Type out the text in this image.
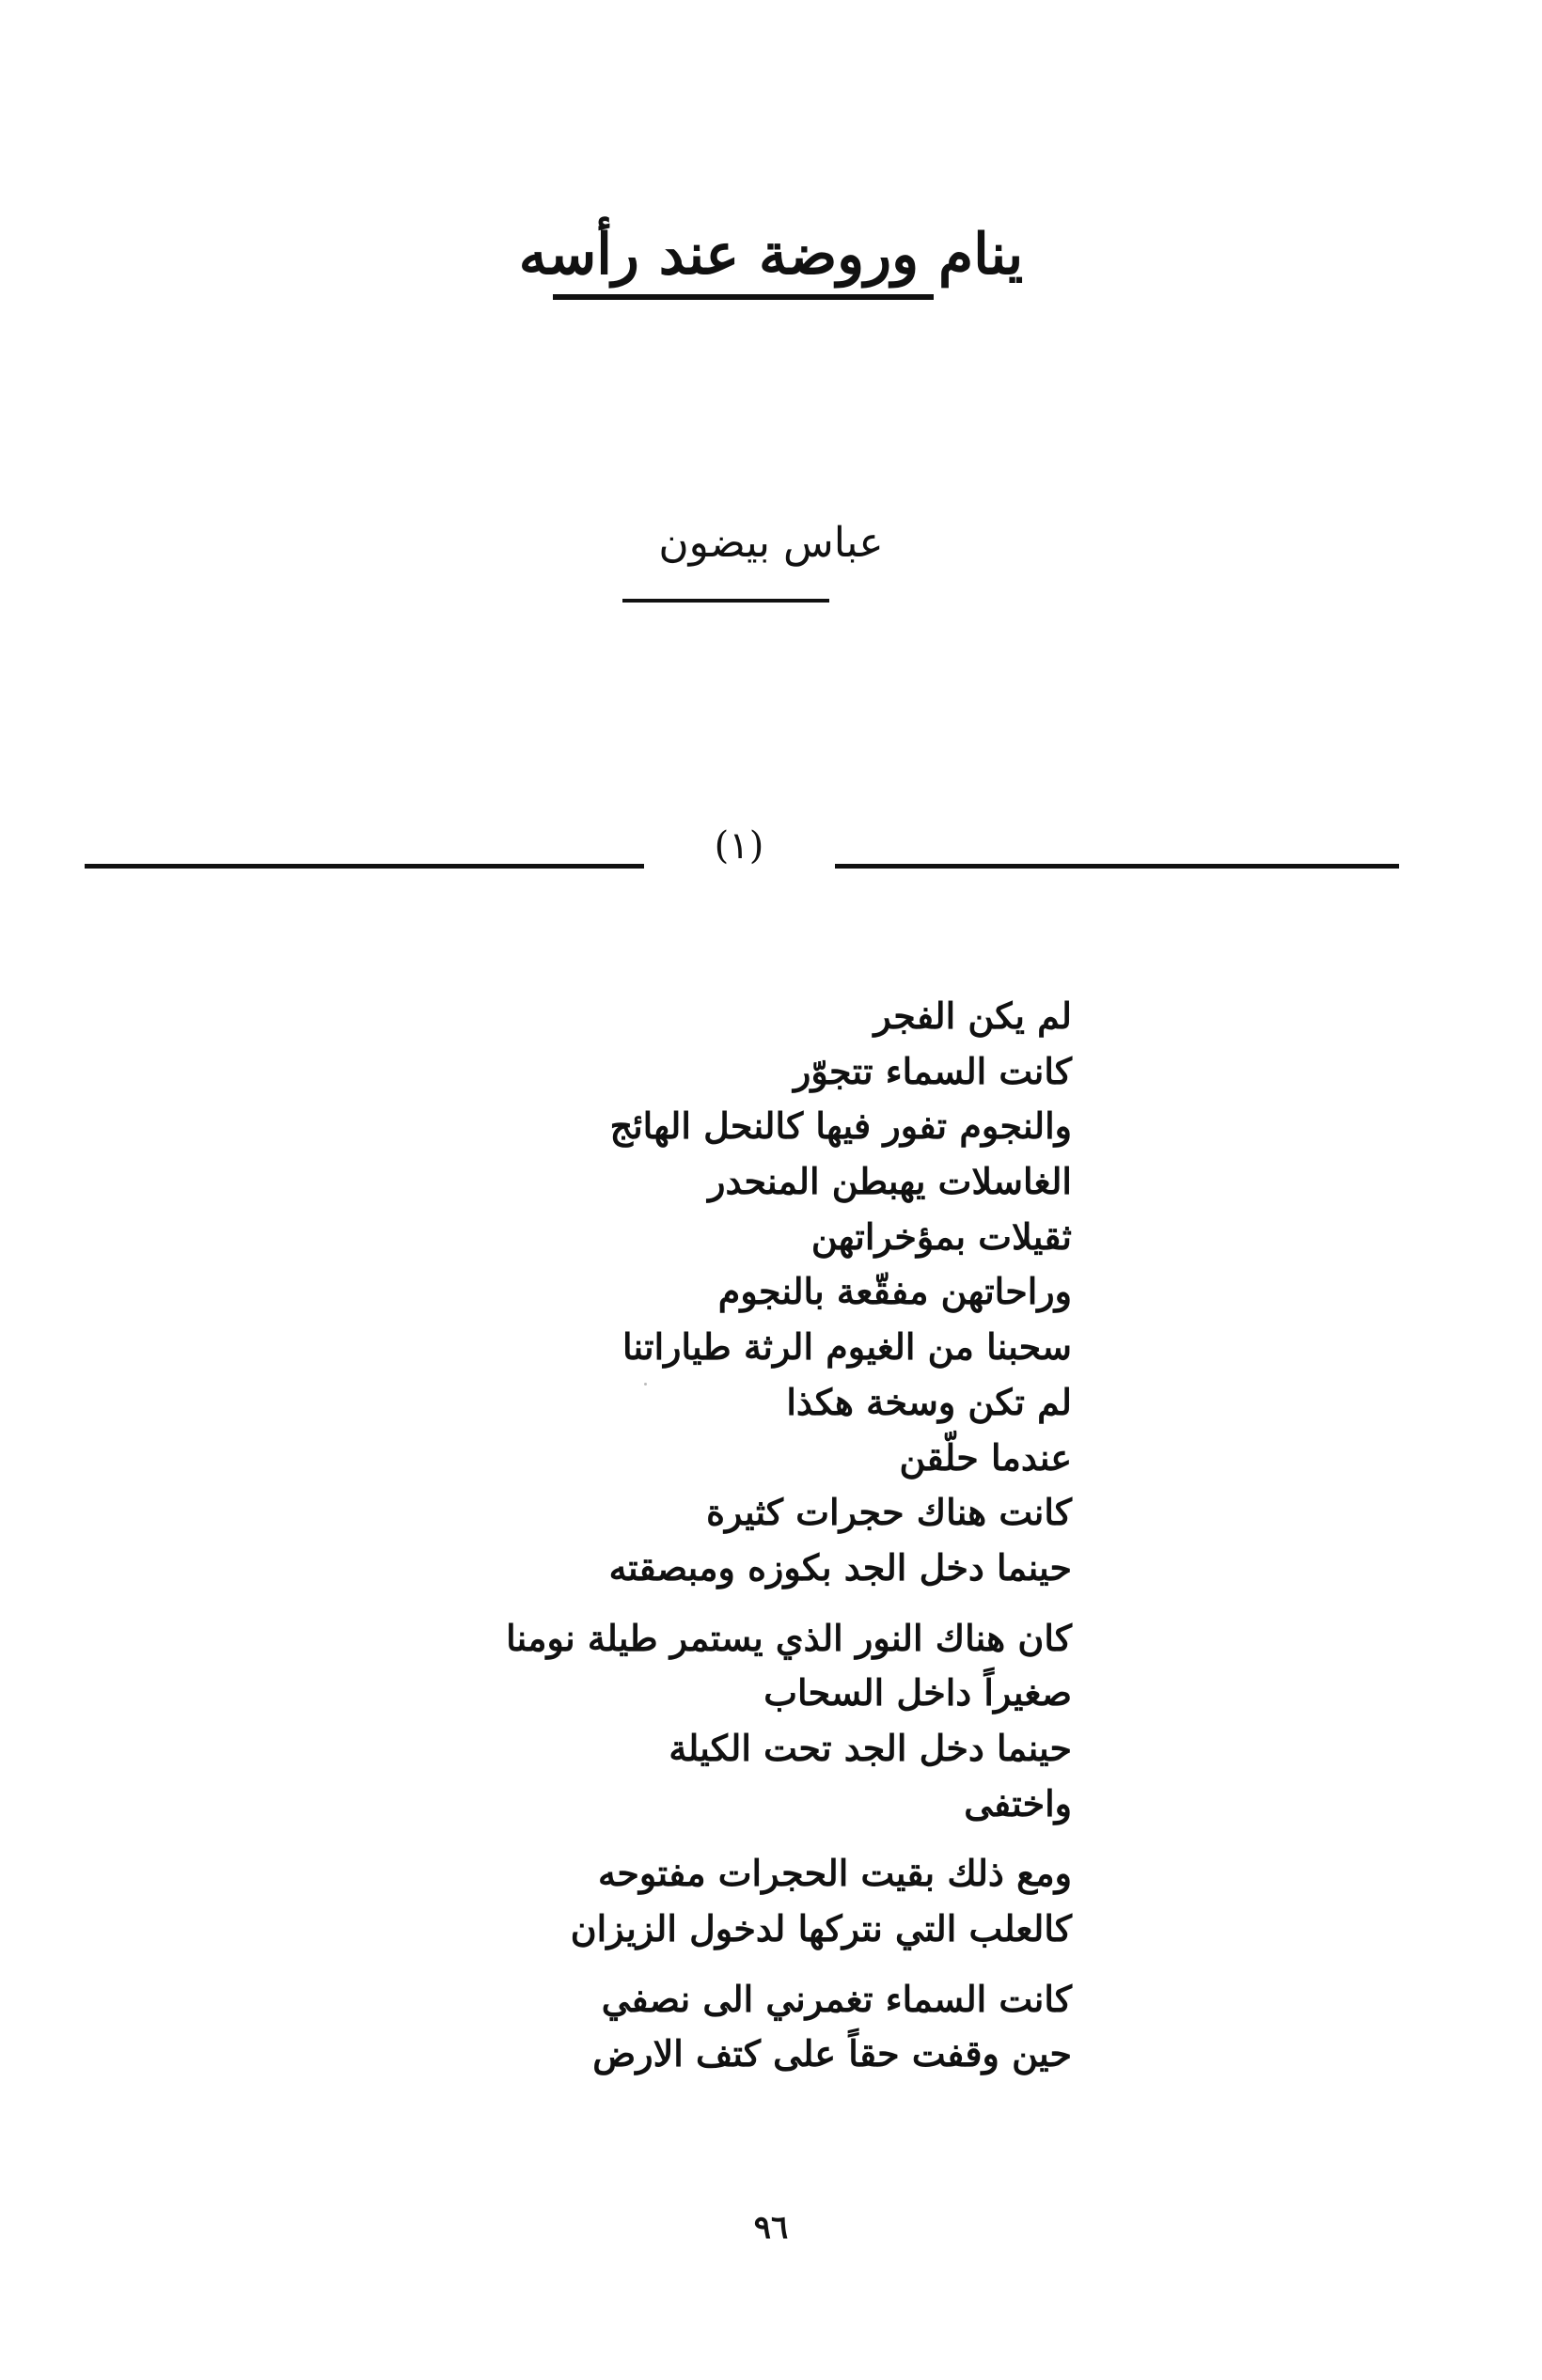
ينام وروضة عند رأسه
عباس بيضون
(١)
لم يكن الفجر
كانت السماء تتجوّر
والنجوم تفور فيها كالنحل الهائج
الغاسلات يهبطن المنحدر
ثقيلات بمؤخراتهن
وراحاتهن مفقّعة بالنجوم
سحبنا من الغيوم الرثة طياراتنا
لم تكن وسخة هكذا
عندما حلّقن
كانت هناك حجرات كثيرة
حينما دخل الجد بكوزه ومبصقته
كان هناك النور الذي يستمر طيلة نومنا
صغيراً داخل السحاب
حينما دخل الجد تحت الكيلة
واختفى
ومع ذلك بقيت الحجرات مفتوحه
كالعلب التي نتركها لدخول الزيزان
كانت السماء تغمرني الى نصفي
حين وقفت حقاً على كتف الارض
٩٦
